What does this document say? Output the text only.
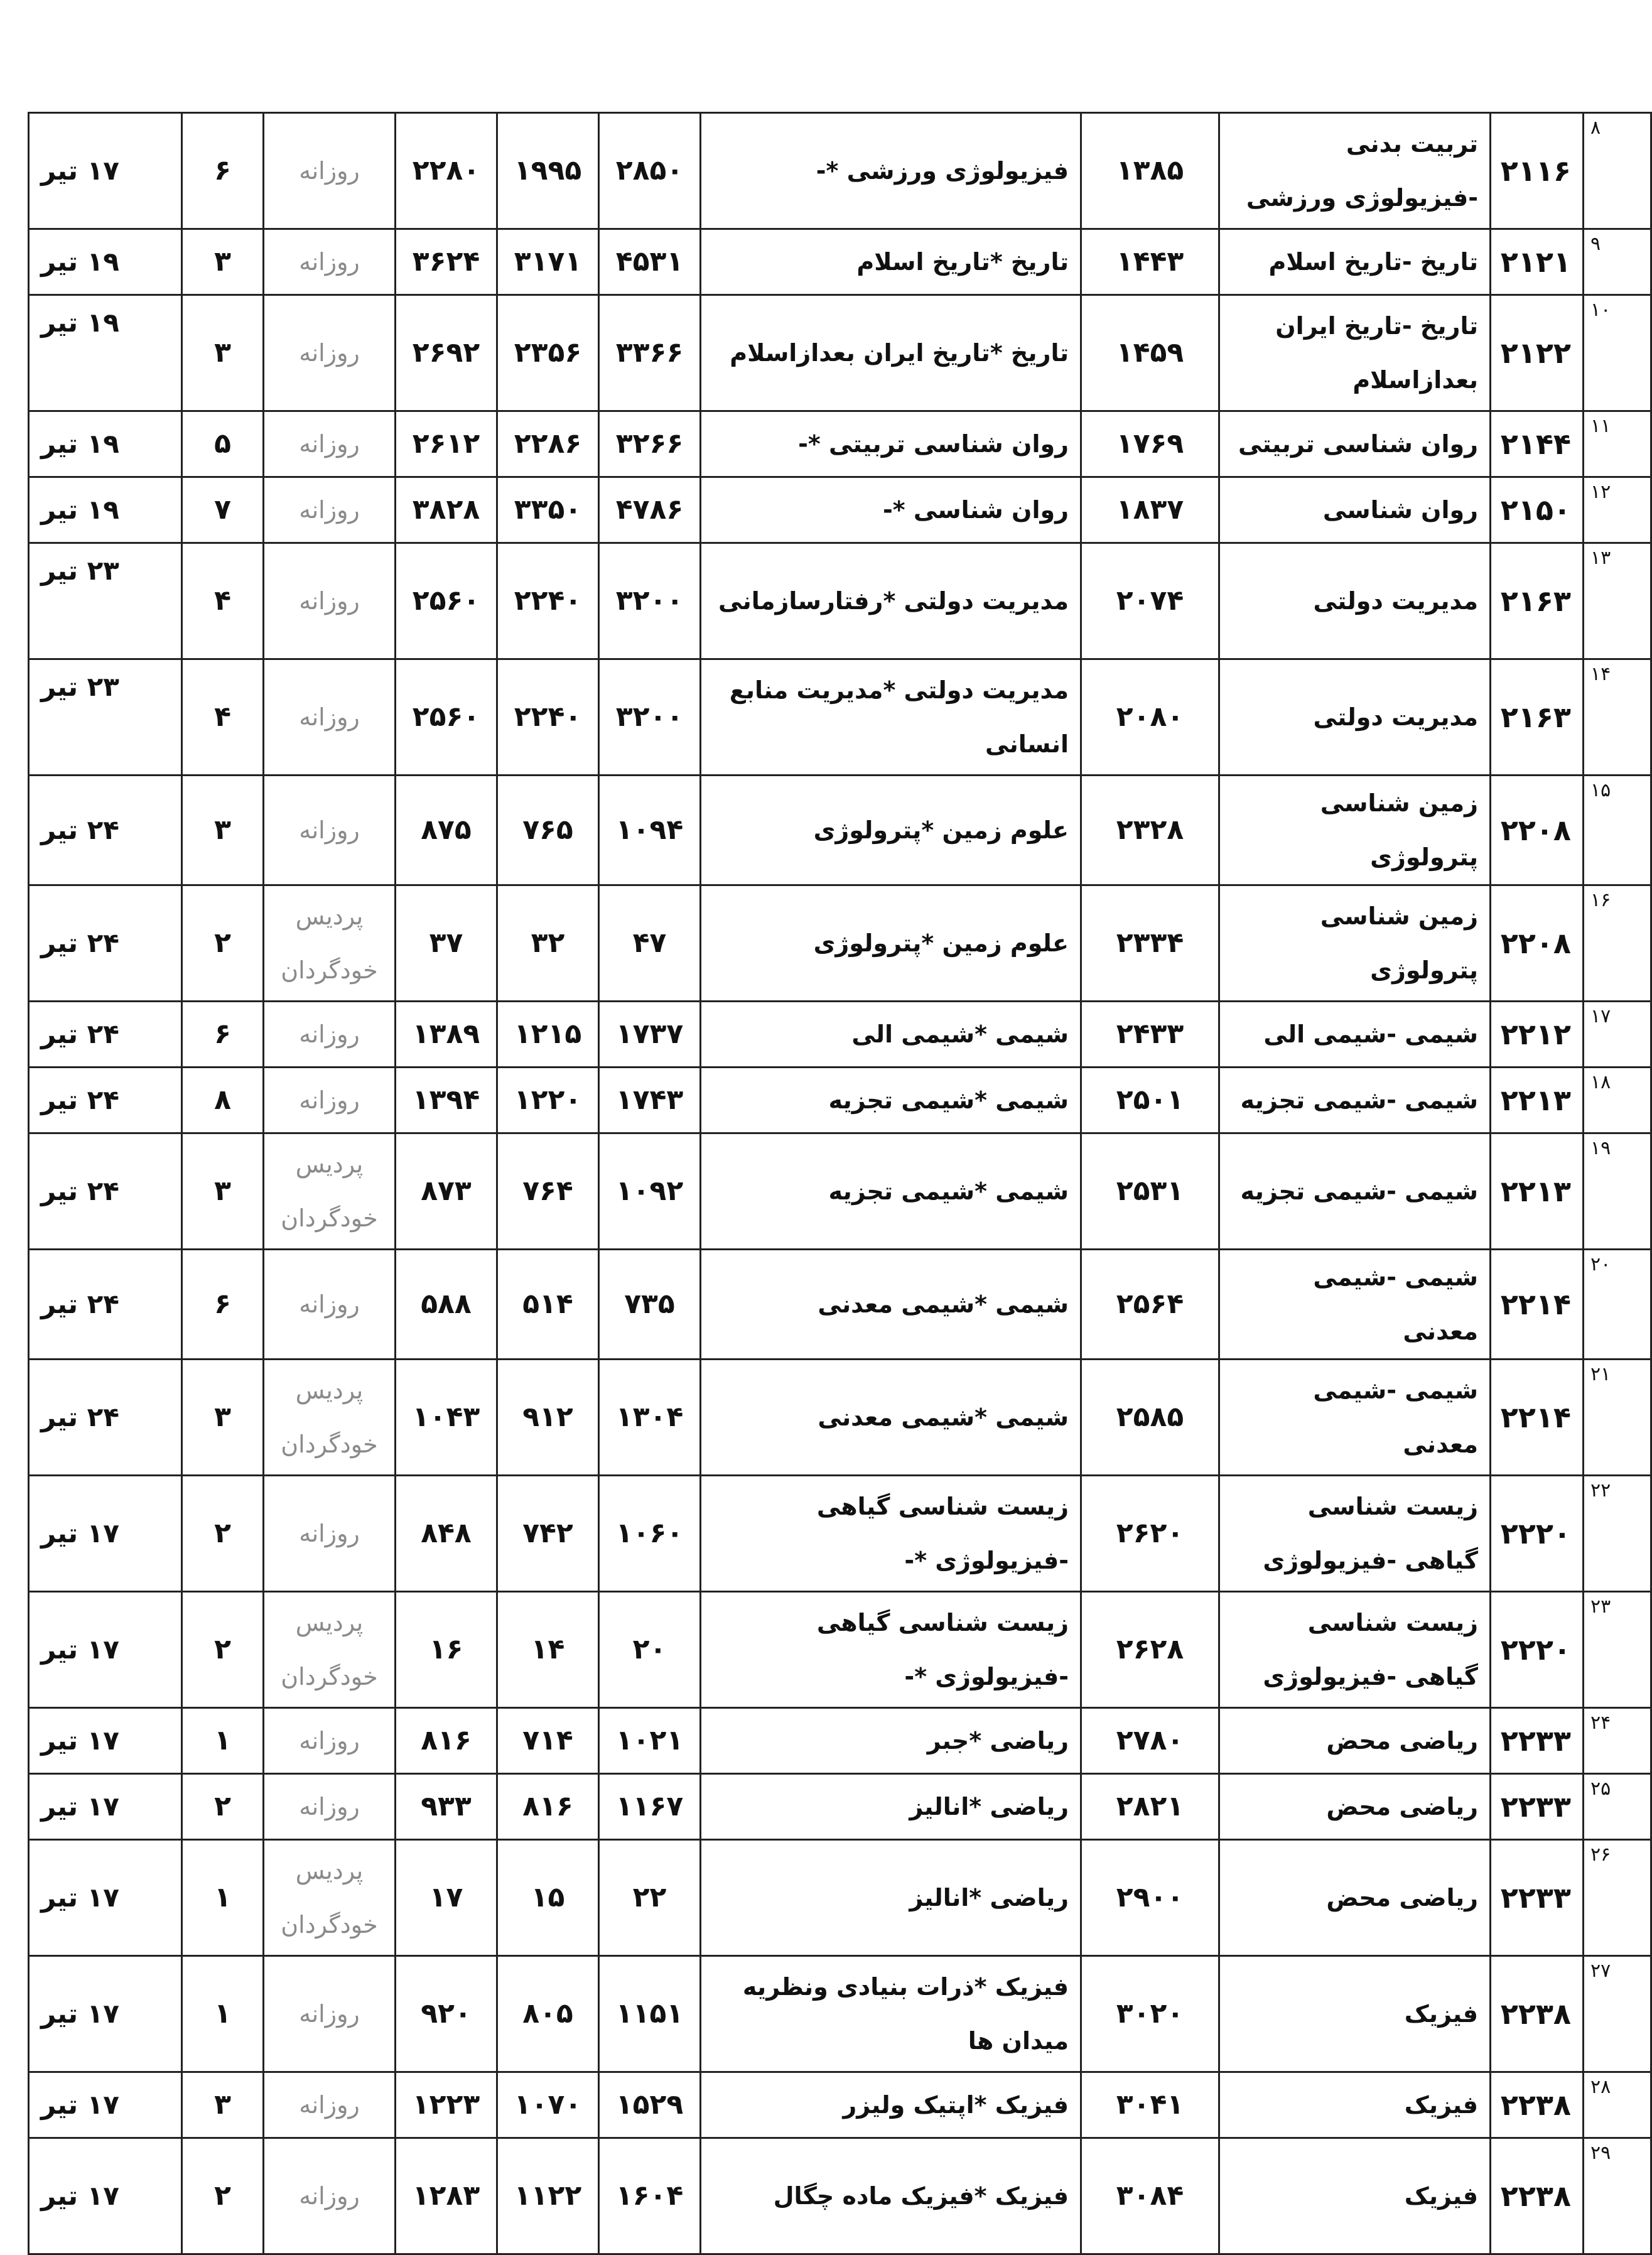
۸	۲۱۱۶	تربیت بدنی -فیزیولوژی ورزشی	۱۳۸۵	فیزیولوژی ورزشی *-	۲۸۵۰	۱۹۹۵	۲۲۸۰	روزانه	۶	۱۷ تیر
۹	۲۱۲۱	تاریخ -تاریخ اسلام	۱۴۴۳	تاریخ *تاریخ اسلام	۴۵۳۱	۳۱۷۱	۳۶۲۴	روزانه	۳	۱۹ تیر
۱۰	۲۱۲۲	تاریخ -تاریخ ایران بعدازاسلام	۱۴۵۹	تاریخ *تاریخ ایران بعدازاسلام	۳۳۶۶	۲۳۵۶	۲۶۹۲	روزانه	۳	۱۹ تیر
۱۱	۲۱۴۴	روان شناسی تربیتی	۱۷۶۹	روان شناسی تربیتی *-	۳۲۶۶	۲۲۸۶	۲۶۱۲	روزانه	۵	۱۹ تیر
۱۲	۲۱۵۰	روان شناسی	۱۸۳۷	روان شناسی *-	۴۷۸۶	۳۳۵۰	۳۸۲۸	روزانه	۷	۱۹ تیر
۱۳	۲۱۶۳	مدیریت دولتی	۲۰۷۴	مدیریت دولتی *رفتارسازمانی	۳۲۰۰	۲۲۴۰	۲۵۶۰	روزانه	۴	۲۳ تیر
۱۴	۲۱۶۳	مدیریت دولتی	۲۰۸۰	مدیریت دولتی *مدیریت منابع انسانی	۳۲۰۰	۲۲۴۰	۲۵۶۰	روزانه	۴	۲۳ تیر
۱۵	۲۲۰۸	زمین شناسی پترولوژی	۲۳۲۸	علوم زمین *پترولوژی	۱۰۹۴	۷۶۵	۸۷۵	روزانه	۳	۲۴ تیر
۱۶	۲۲۰۸	زمین شناسی پترولوژی	۲۳۳۴	علوم زمین *پترولوژی	۴۷	۳۲	۳۷	پردیس خودگردان	۲	۲۴ تیر
۱۷	۲۲۱۲	شیمی -شیمی الی	۲۴۳۳	شیمی *شیمی الی	۱۷۳۷	۱۲۱۵	۱۳۸۹	روزانه	۶	۲۴ تیر
۱۸	۲۲۱۳	شیمی -شیمی تجزیه	۲۵۰۱	شیمی *شیمی تجزیه	۱۷۴۳	۱۲۲۰	۱۳۹۴	روزانه	۸	۲۴ تیر
۱۹	۲۲۱۳	شیمی -شیمی تجزیه	۲۵۳۱	شیمی *شیمی تجزیه	۱۰۹۲	۷۶۴	۸۷۳	پردیس خودگردان	۳	۲۴ تیر
۲۰	۲۲۱۴	شیمی -شیمی معدنی	۲۵۶۴	شیمی *شیمی معدنی	۷۳۵	۵۱۴	۵۸۸	روزانه	۶	۲۴ تیر
۲۱	۲۲۱۴	شیمی -شیمی معدنی	۲۵۸۵	شیمی *شیمی معدنی	۱۳۰۴	۹۱۲	۱۰۴۳	پردیس خودگردان	۳	۲۴ تیر
۲۲	۲۲۲۰	زیست شناسی گیاهی -فیزیولوژی	۲۶۲۰	زیست شناسی گیاهی -فیزیولوژی *-	۱۰۶۰	۷۴۲	۸۴۸	روزانه	۲	۱۷ تیر
۲۳	۲۲۲۰	زیست شناسی گیاهی -فیزیولوژی	۲۶۲۸	زیست شناسی گیاهی -فیزیولوژی *-	۲۰	۱۴	۱۶	پردیس خودگردان	۲	۱۷ تیر
۲۴	۲۲۳۳	ریاضی محض	۲۷۸۰	ریاضی *جبر	۱۰۲۱	۷۱۴	۸۱۶	روزانه	۱	۱۷ تیر
۲۵	۲۲۳۳	ریاضی محض	۲۸۲۱	ریاضی *انالیز	۱۱۶۷	۸۱۶	۹۳۳	روزانه	۲	۱۷ تیر
۲۶	۲۲۳۳	ریاضی محض	۲۹۰۰	ریاضی *انالیز	۲۲	۱۵	۱۷	پردیس خودگردان	۱	۱۷ تیر
۲۷	۲۲۳۸	فیزیک	۳۰۲۰	فیزیک *ذرات بنیادی ونظریه میدان ها	۱۱۵۱	۸۰۵	۹۲۰	روزانه	۱	۱۷ تیر
۲۸	۲۲۳۸	فیزیک	۳۰۴۱	فیزیک *اپتیک ولیزر	۱۵۲۹	۱۰۷۰	۱۲۲۳	روزانه	۳	۱۷ تیر
۲۹	۲۲۳۸	فیزیک	۳۰۸۴	فیزیک *فیزیک ماده چگال	۱۶۰۴	۱۱۲۲	۱۲۸۳	روزانه	۲	۱۷ تیر
